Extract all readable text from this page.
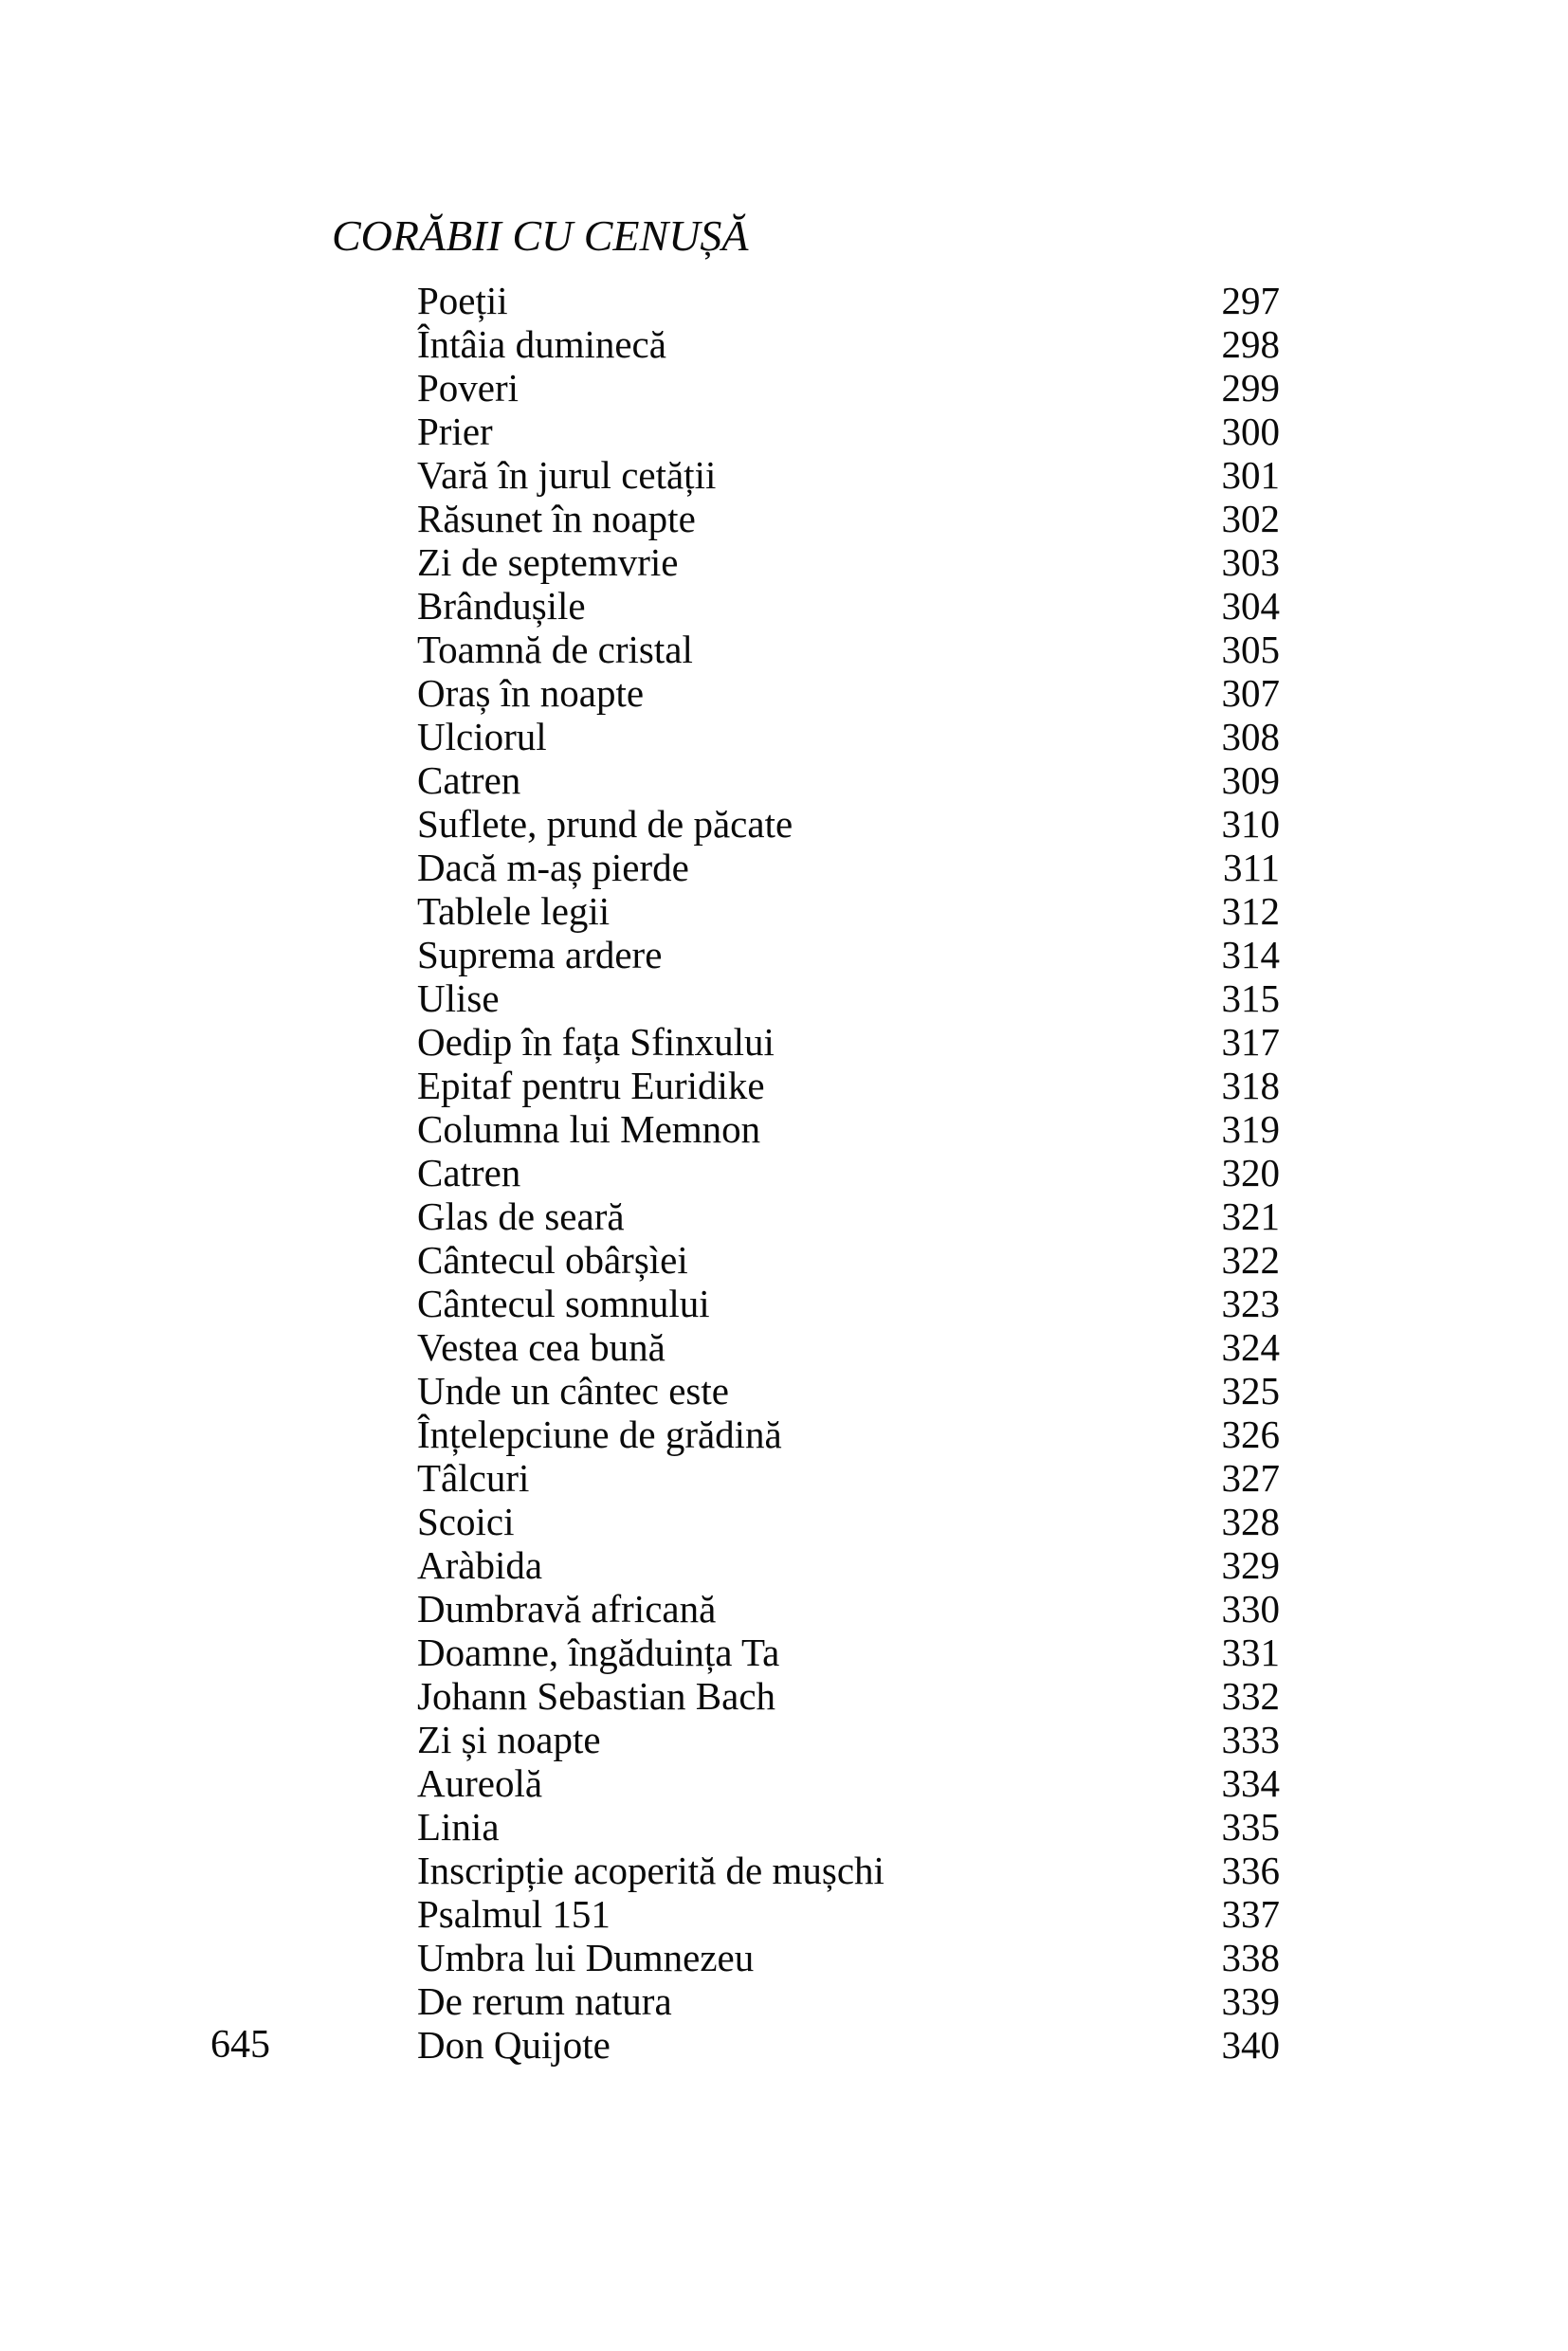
CORĂBII CU CENUȘĂ
Poeții	297
Întâia duminecă	298
Poveri	299
Prier	300
Vară în jurul cetății	301
Răsunet în noapte	302
Zi de septemvrie	303
Brândușile	304
Toamnă de cristal	305
Oraș în noapte	307
Ulciorul	308
Catren	309
Suflete, prund de păcate	310
Dacă m-aș pierde	311
Tablele legii	312
Suprema ardere	314
Ulise	315
Oedip în fața Sfinxului	317
Epitaf pentru Euridike	318
Columna lui Memnon	319
Catren	320
Glas de seară	321
Cântecul obârșìei	322
Cântecul somnului	323
Vestea cea bună	324
Unde un cântec este	325
Înțelepciune de grădină	326
Tâlcuri	327
Scoici	328
Aràbida	329
Dumbravă africană	330
Doamne, îngăduința Ta	331
Johann Sebastian Bach	332
Zi și noapte	333
Aureolă	334
Linia	335
Inscripție acoperită de mușchi	336
Psalmul 151	337
Umbra lui Dumnezeu	338
De rerum natura	339
Don Quijote	340
645
